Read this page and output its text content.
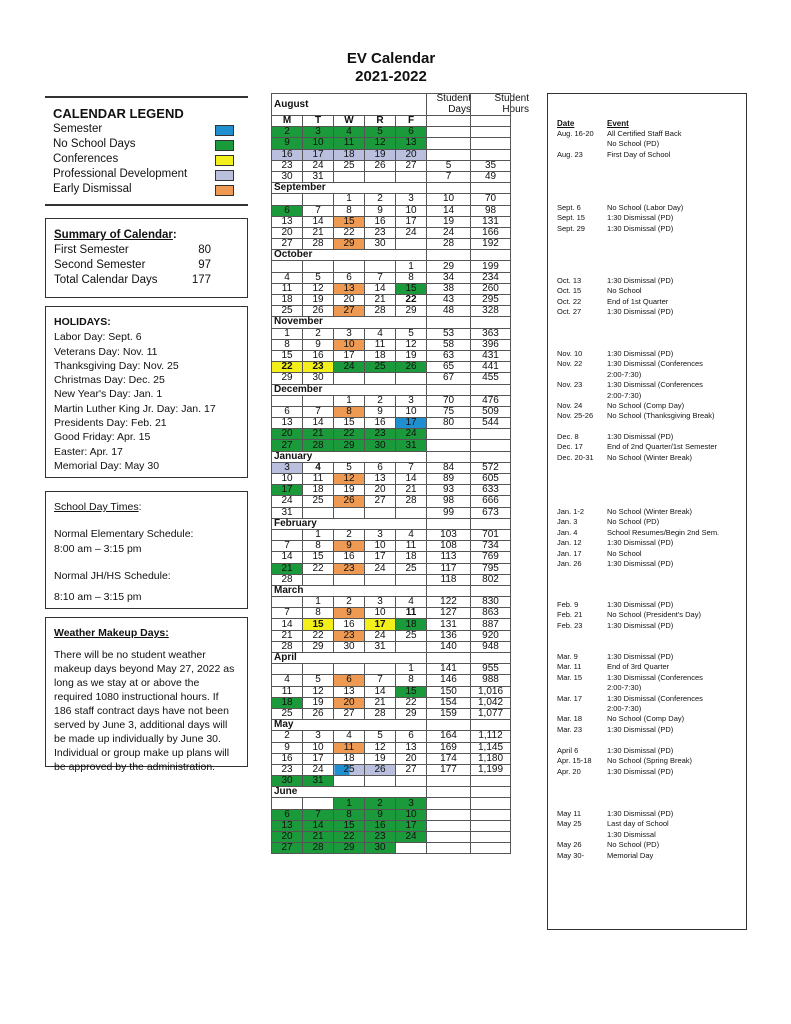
EV Calendar
2021-2022
CALENDAR LEGEND
Semester
No School Days
Conferences
Professional Development
Early Dismissal
Summary of Calendar:
First Semester	80
Second Semester	97
Total Calendar Days	177
HOLIDAYS:
Labor Day: Sept. 6
Veterans Day: Nov. 11
Thanksgiving Day: Nov. 25
Christmas Day: Dec. 25
New Year's Day: Jan. 1
Martin Luther King Jr. Day: Jan. 17
Presidents Day: Feb. 21
Good Friday: Apr. 15
Easter: Apr. 17
Memorial Day: May 30

School Day Times:

Normal Elementary Schedule:

8:00 am – 3:15 pm

Normal JH/HS Schedule:

8:10 am – 3:15 pm

Weather Makeup Days:
There will be no student weather makeup days beyond May 27, 2022 as long as we stay at or above the required 1080 instructional hours. If 186 staff contract days have not been served by June 3, additional days will be made up individually by June 30. Individual or group make up plans will be approved by the administration.
Student Days
Student Hours
August						
M	T	W	R	F		
2	3	4	5	6		
9	10	11	12	13		
16	17	18	19	20		
23	24	25	26	27	5	35
30	31				7	49
September						
		1	2	3	10	70
6	7	8	9	10	14	98
13	14	15	16	17	19	131
20	21	22	23	24	24	166
27	28	29	30		28	192
October						
				1	29	199
4	5	6	7	8	34	234
11	12	13	14	15	38	260
18	19	20	21	22	43	295
25	26	27	28	29	48	328
November						
1	2	3	4	5	53	363
8	9	10	11	12	58	396
15	16	17	18	19	63	431
22	23	24	25	26	65	441
29	30				67	455
December						
		1	2	3	70	476
6	7	8	9	10	75	509
13	14	15	16	17	80	544
20	21	22	23	24		
27	28	29	30	31		
January						
3	4	5	6	7	84	572
10	11	12	13	14	89	605
17	18	19	20	21	93	633
24	25	26	27	28	98	666
31					99	673
February						
	1	2	3	4	103	701
7	8	9	10	11	108	734
14	15	16	17	18	113	769
21	22	23	24	25	117	795
28					118	802
March						
	1	2	3	4	122	830
7	8	9	10	11	127	863
14	15	16	17	18	131	887
21	22	23	24	25	136	920
28	29	30	31		140	948
April						
				1	141	955
4	5	6	7	8	146	988
11	12	13	14	15	150	1,016
18	19	20	21	22	154	1,042
25	26	27	28	29	159	1,077
May						
2	3	4	5	6	164	1,112
9	10	11	12	13	169	1,145
16	17	18	19	20	174	1,180
23	24	25	26	27	177	1,199
30	31					
June						
		1	2	3		
6	7	8	9	10		
13	14	15	16	17		
20	21	22	23	24		
27	28	29	30			
Date	Event
Aug. 16-20	All Certified Staff Back
No School (PD)
Aug. 23	First Day of School
Sept. 6	No School (Labor Day)
Sept. 15	1:30 Dismissal (PD)
Sept. 29	1:30 Dismissal (PD)
Oct. 13	1:30 Dismissal (PD)
Oct. 15	No School
Oct. 22	End of 1st Quarter
Oct. 27	1:30 Dismissal (PD)
Nov. 10	1:30 Dismissal (PD)
Nov. 22	1:30 Dismissal (Conferences
2:00-7:30)
Nov. 23	1:30 Dismissal (Conferences
2:00-7:30)
Nov. 24	No School (Comp Day)
Nov. 25-26	No School (Thanksgiving Break)
Dec. 8	1:30 Dismissal (PD)
Dec. 17	End of 2nd Quarter/1st Semester
Dec. 20-31	No School (Winter Break)
Jan. 1-2	No School (Winter Break)
Jan. 3	No School (PD)
Jan. 4	School Resumes/Begin 2nd Sem.
Jan. 12	1:30 Dismissal (PD)
Jan. 17	No School
Jan. 26	1:30 Dismissal (PD)
Feb. 9	1:30 Dismissal (PD)
Feb. 21	No School (President's Day)
Feb. 23	1:30 Dismissal (PD)
Mar. 9	1:30 Dismissal (PD)
Mar. 11	End of 3rd Quarter
Mar. 15	1:30 Dismissal (Conferences
2:00-7:30)
Mar. 17	1:30 Dismissal (Conferences
2:00-7:30)
Mar. 18	No School (Comp Day)
Mar. 23	1:30 Dismissal (PD)
April 6	1:30 Dismissal (PD)
Apr. 15-18	No School (Spring Break)
Apr. 20	1:30 Dismissal (PD)
May 11	1:30 Dismissal (PD)
May 25	Last day of School
1:30 Dismissal
May 26	No School (PD)
May 30-	Memorial Day
